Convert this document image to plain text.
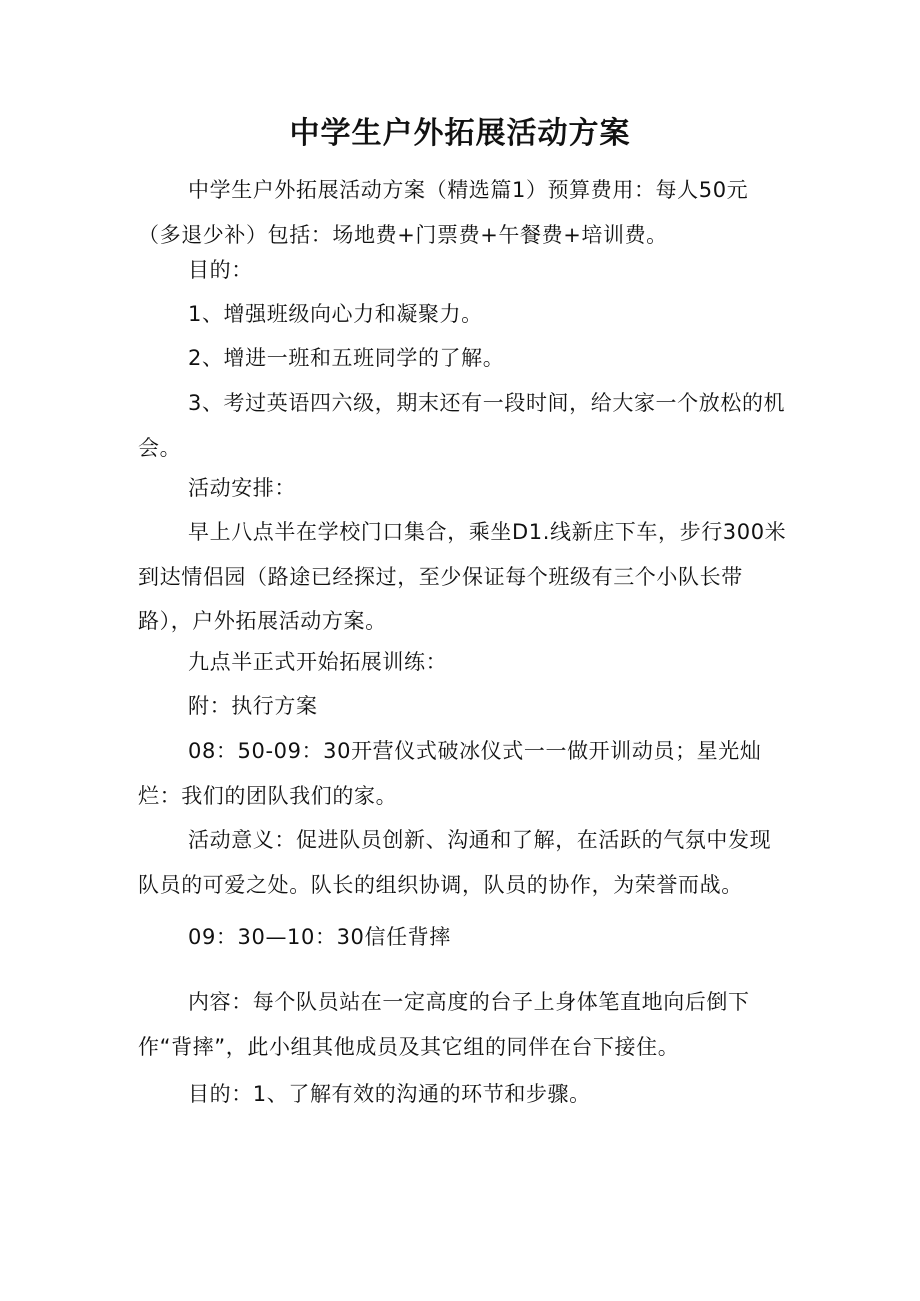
中学生户外拓展活动方案

中学生户外拓展活动方案（精选篇1）预算费用：每人50元（多退少补）包括：场地费+门票费+午餐费+培训费。

目的：

1、增强班级向心力和凝聚力。

2、增进一班和五班同学的了解。

3、考过英语四六级，期末还有一段时间，给大家一个放松的机会。

活动安排：

早上八点半在学校门口集合，乘坐D1.线新庄下车，步行300米到达情侣园（路途已经探过，至少保证每个班级有三个小队长带路），户外拓展活动方案。

九点半正式开始拓展训练：

附：执行方案

08：50-09：30开营仪式破冰仪式一一做开训动员；星光灿烂：我们的团队我们的家。

活动意义：促进队员创新、沟通和了解，在活跃的气氛中发现队员的可爱之处。队长的组织协调，队员的协作，为荣誉而战。

09：30—10：30信任背摔

内容：每个队员站在一定高度的台子上身体笔直地向后倒下作“背摔”，此小组其他成员及其它组的同伴在台下接住。

目的：1、了解有效的沟通的环节和步骤。
